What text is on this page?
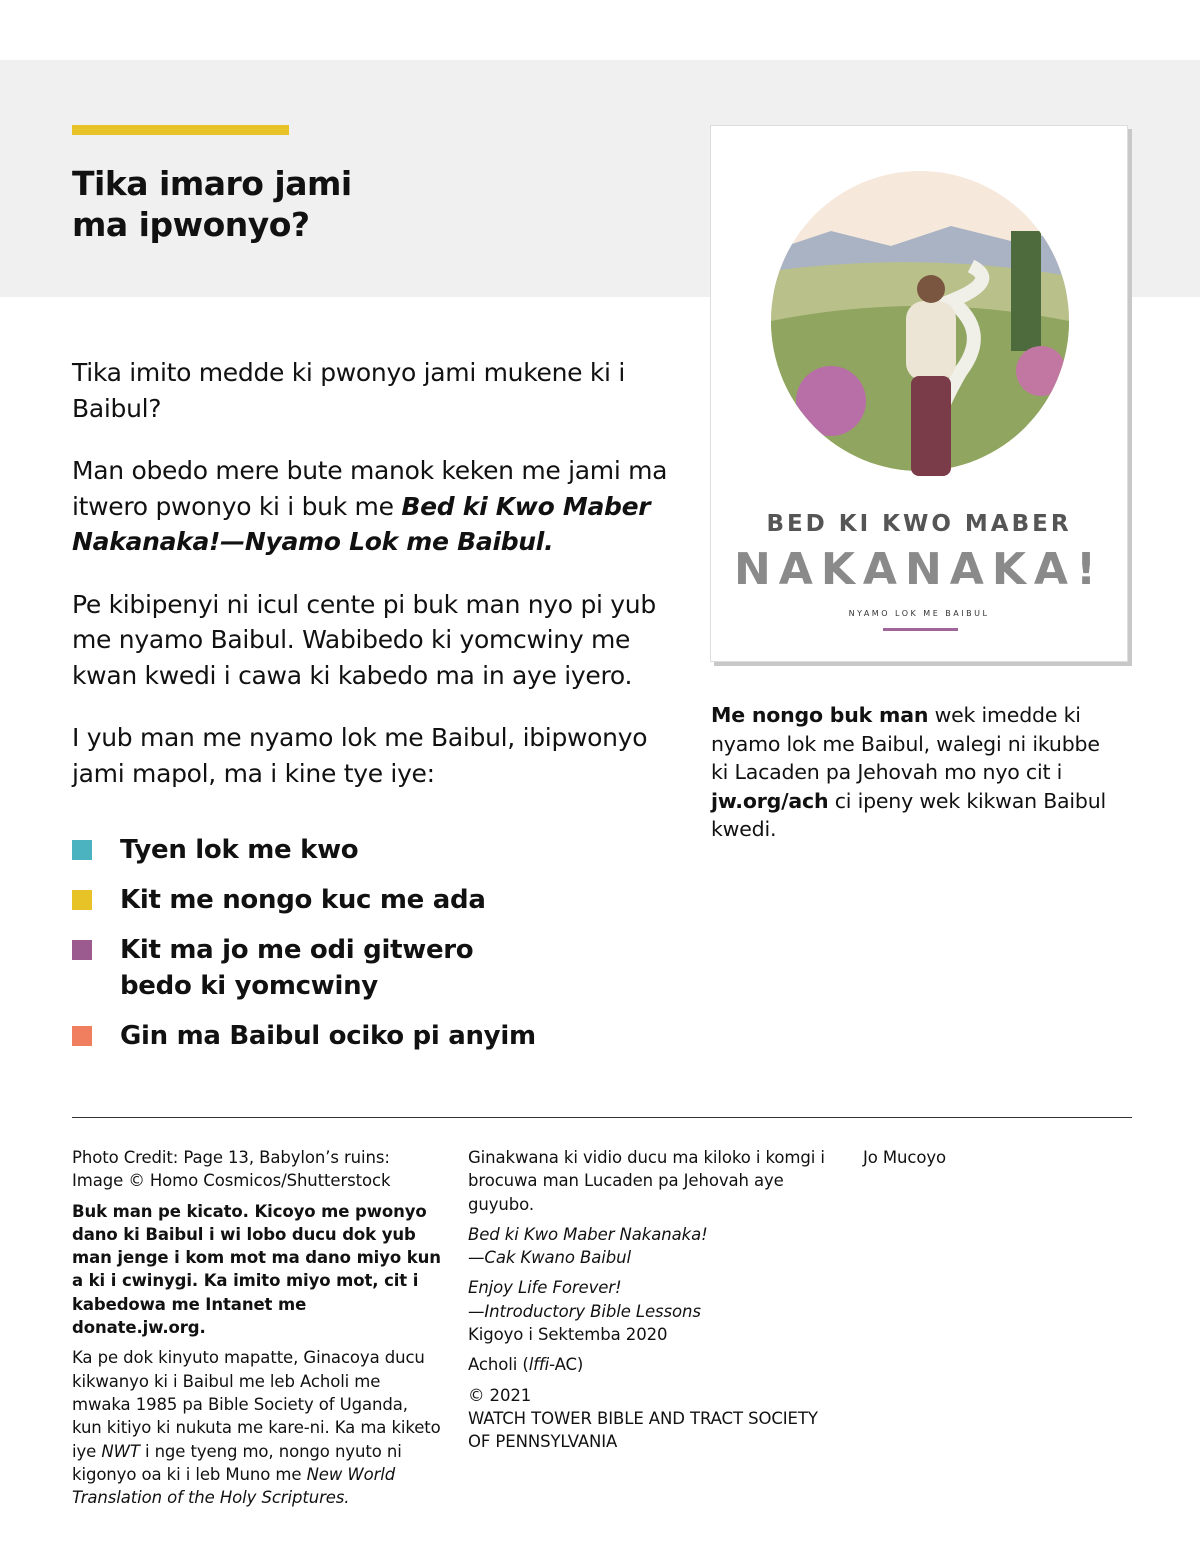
Tika imaro jami
ma ipwonyo?

Tika imito medde ki pwonyo jami mukene ki i Baibul?

Man obedo mere bute manok keken me jami ma itwero pwonyo ki i buk me Bed ki Kwo Maber Nakanaka!—Nyamo Lok me Baibul.

Pe kibipenyi ni icul cente pi buk man nyo pi yub me nyamo Baibul. Wabibedo ki yomcwiny me kwan kwedi i cawa ki kabedo ma in aye iyero.

I yub man me nyamo lok me Baibul, ibipwonyo jami mapol, ma i kine tye iye:

Tyen lok me kwo
Kit me nongo kuc me ada
Kit ma jo me odi gitwero bedo ki yomcwiny
Gin ma Baibul ociko pi anyim
BED KI KWO MABER
NAKANAKA!
NYAMO LOK ME BAIBUL
Me nongo buk man wek imedde ki nyamo lok me Baibul, walegi ni ikubbe ki Lacaden pa Jehovah mo nyo cit i jw.org/ach ci ipeny wek kikwan Baibul kwedi.

Photo Credit: Page 13, Babylon’s ruins: Image © Homo Cosmicos/Shutterstock

Buk man pe kicato. Kicoyo me pwonyo dano ki Baibul i wi lobo ducu dok yub man jenge i kom mot ma dano miyo kun a ki i cwinygi. Ka imito miyo mot, cit i kabedowa me Intanet me donate.jw.org.

Ka pe dok kinyuto mapatte, Ginacoya ducu kikwanyo ki i Baibul me leb Acholi me mwaka 1985 pa Bible Society of Uganda, kun kitiyo ki nukuta me kare-ni. Ka ma kiketo iye NWT i nge tyeng mo, nongo nyuto ni kigonyo oa ki i leb Muno me New World Translation of the Holy Scriptures.

Ginakwana ki vidio ducu ma kiloko i komgi i brocuwa man Lucaden pa Jehovah aye guyubo.

Bed ki Kwo Maber Nakanaka!
—Cak Kwano Baibul

Enjoy Life Forever!
—Introductory Bible Lessons
Kigoyo i Sektemba 2020

Acholi (lffi-AC)

© 2021
WATCH TOWER BIBLE AND TRACT SOCIETY
OF PENNSYLVANIA

Jo Mucoyo
